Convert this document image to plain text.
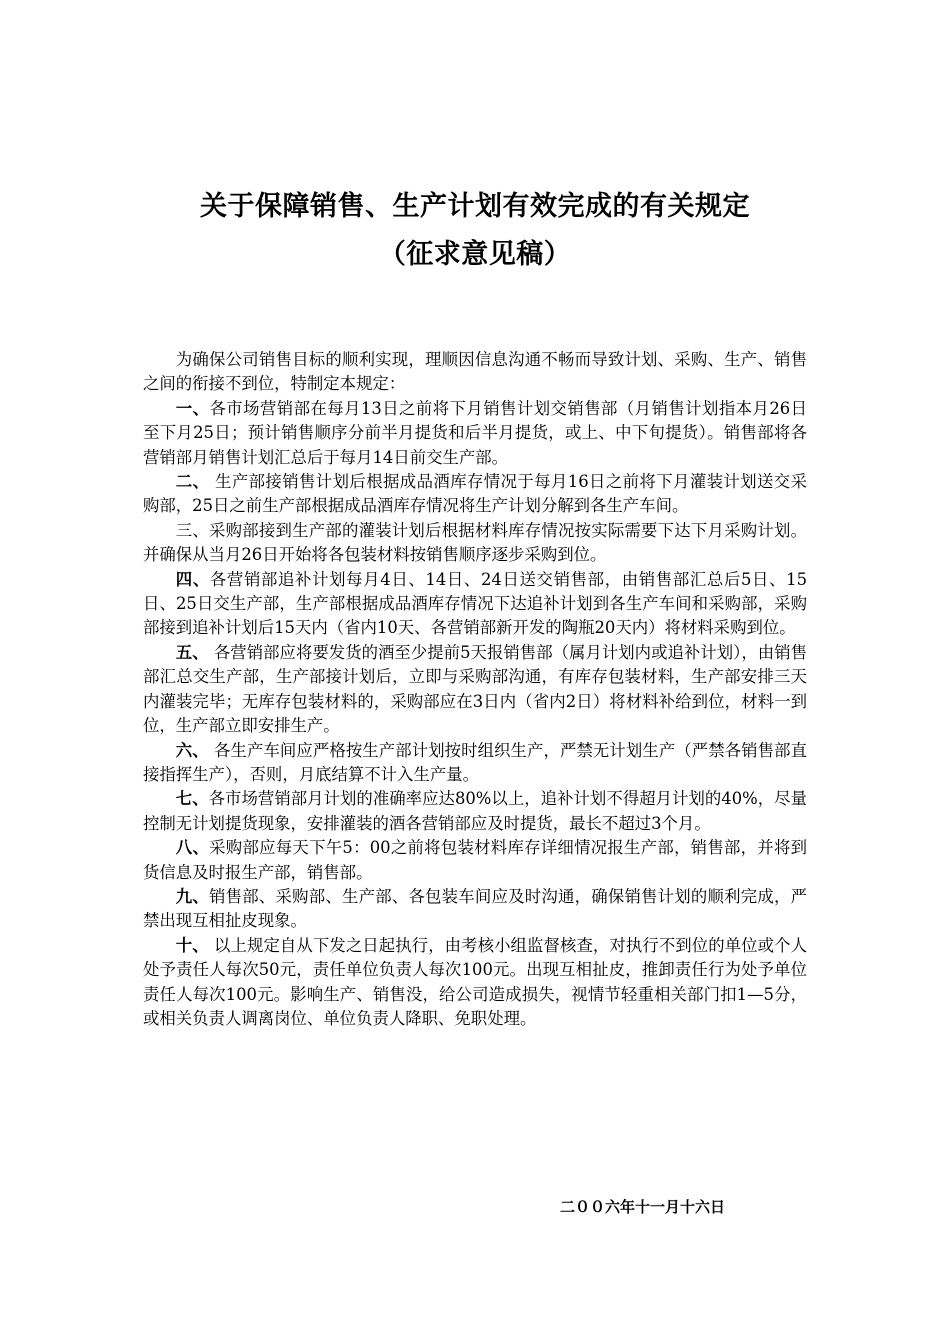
关于保障销售、生产计划有效完成的有关规定
（征求意见稿）

为确保公司销售目标的顺利实现，理顺因信息沟通不畅而导致计划、采购、生产、销售之间的衔接不到位，特制定本规定：

一、各市场营销部在每月13日之前将下月销售计划交销售部（月销售计划指本月26日至下月25日；预计销售顺序分前半月提货和后半月提货，或上、中下旬提货）。销售部将各营销部月销售计划汇总后于每月14日前交生产部。

二、 生产部接销售计划后根据成品酒库存情况于每月16日之前将下月灌装计划送交采购部，25日之前生产部根据成品酒库存情况将生产计划分解到各生产车间。

三、采购部接到生产部的灌装计划后根据材料库存情况按实际需要下达下月采购计划。并确保从当月26日开始将各包装材料按销售顺序逐步采购到位。

四、各营销部追补计划每月4日、14日、24日送交销售部，由销售部汇总后5日、15日、25日交生产部，生产部根据成品酒库存情况下达追补计划到各生产车间和采购部，采购部接到追补计划后15天内（省内10天、各营销部新开发的陶瓶20天内）将材料采购到位。

五、 各营销部应将要发货的酒至少提前5天报销售部（属月计划内或追补计划），由销售部汇总交生产部，生产部接计划后，立即与采购部沟通，有库存包装材料，生产部安排三天内灌装完毕；无库存包装材料的，采购部应在3日内（省内2日）将材料补给到位，材料一到位，生产部立即安排生产。

六、 各生产车间应严格按生产部计划按时组织生产，严禁无计划生产（严禁各销售部直接指挥生产），否则，月底结算不计入生产量。

七、各市场营销部月计划的准确率应达80%以上，追补计划不得超月计划的40%，尽量控制无计划提货现象，安排灌装的酒各营销部应及时提货，最长不超过3个月。

八、采购部应每天下午5：00之前将包装材料库存详细情况报生产部，销售部，并将到货信息及时报生产部，销售部。

九、销售部、采购部、生产部、各包装车间应及时沟通，确保销售计划的顺利完成，严禁出现互相扯皮现象。

十、 以上规定自从下发之日起执行，由考核小组监督核查，对执行不到位的单位或个人处予责任人每次50元，责任单位负责人每次100元。出现互相扯皮，推卸责任行为处予单位责任人每次100元。影响生产、销售没，给公司造成损失，视情节轻重相关部门扣1—5分，或相关负责人调离岗位、单位负责人降职、免职处理。

二００六年十一月十六日
